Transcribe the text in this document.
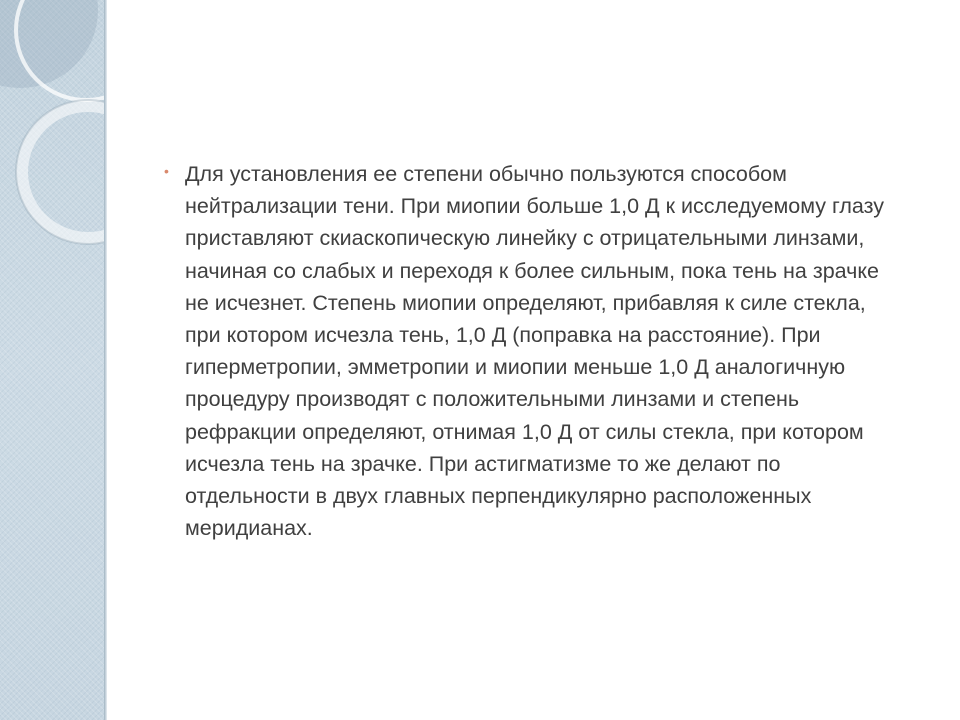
• Для установления ее степени обычно пользуются способом нейтрализации тени. При миопии больше 1,0 Д к исследуемому глазу приставляют скиаскопическую линейку с отрицательными линзами, начиная со слабых и переходя к более сильным, пока тень на зрачке не исчезнет. Степень миопии определяют, прибавляя к силе стекла, при котором исчезла тень, 1,0 Д (поправка на расстояние). При гиперметропии, эмметропии и миопии меньше 1,0 Д аналогичную процедуру производят с положительными линзами и степень рефракции определяют, отнимая 1,0 Д от силы стекла, при котором исчезла тень на зрачке. При астигматизме то же делают по отдельности в двух главных перпендикулярно расположенных меридианах.
